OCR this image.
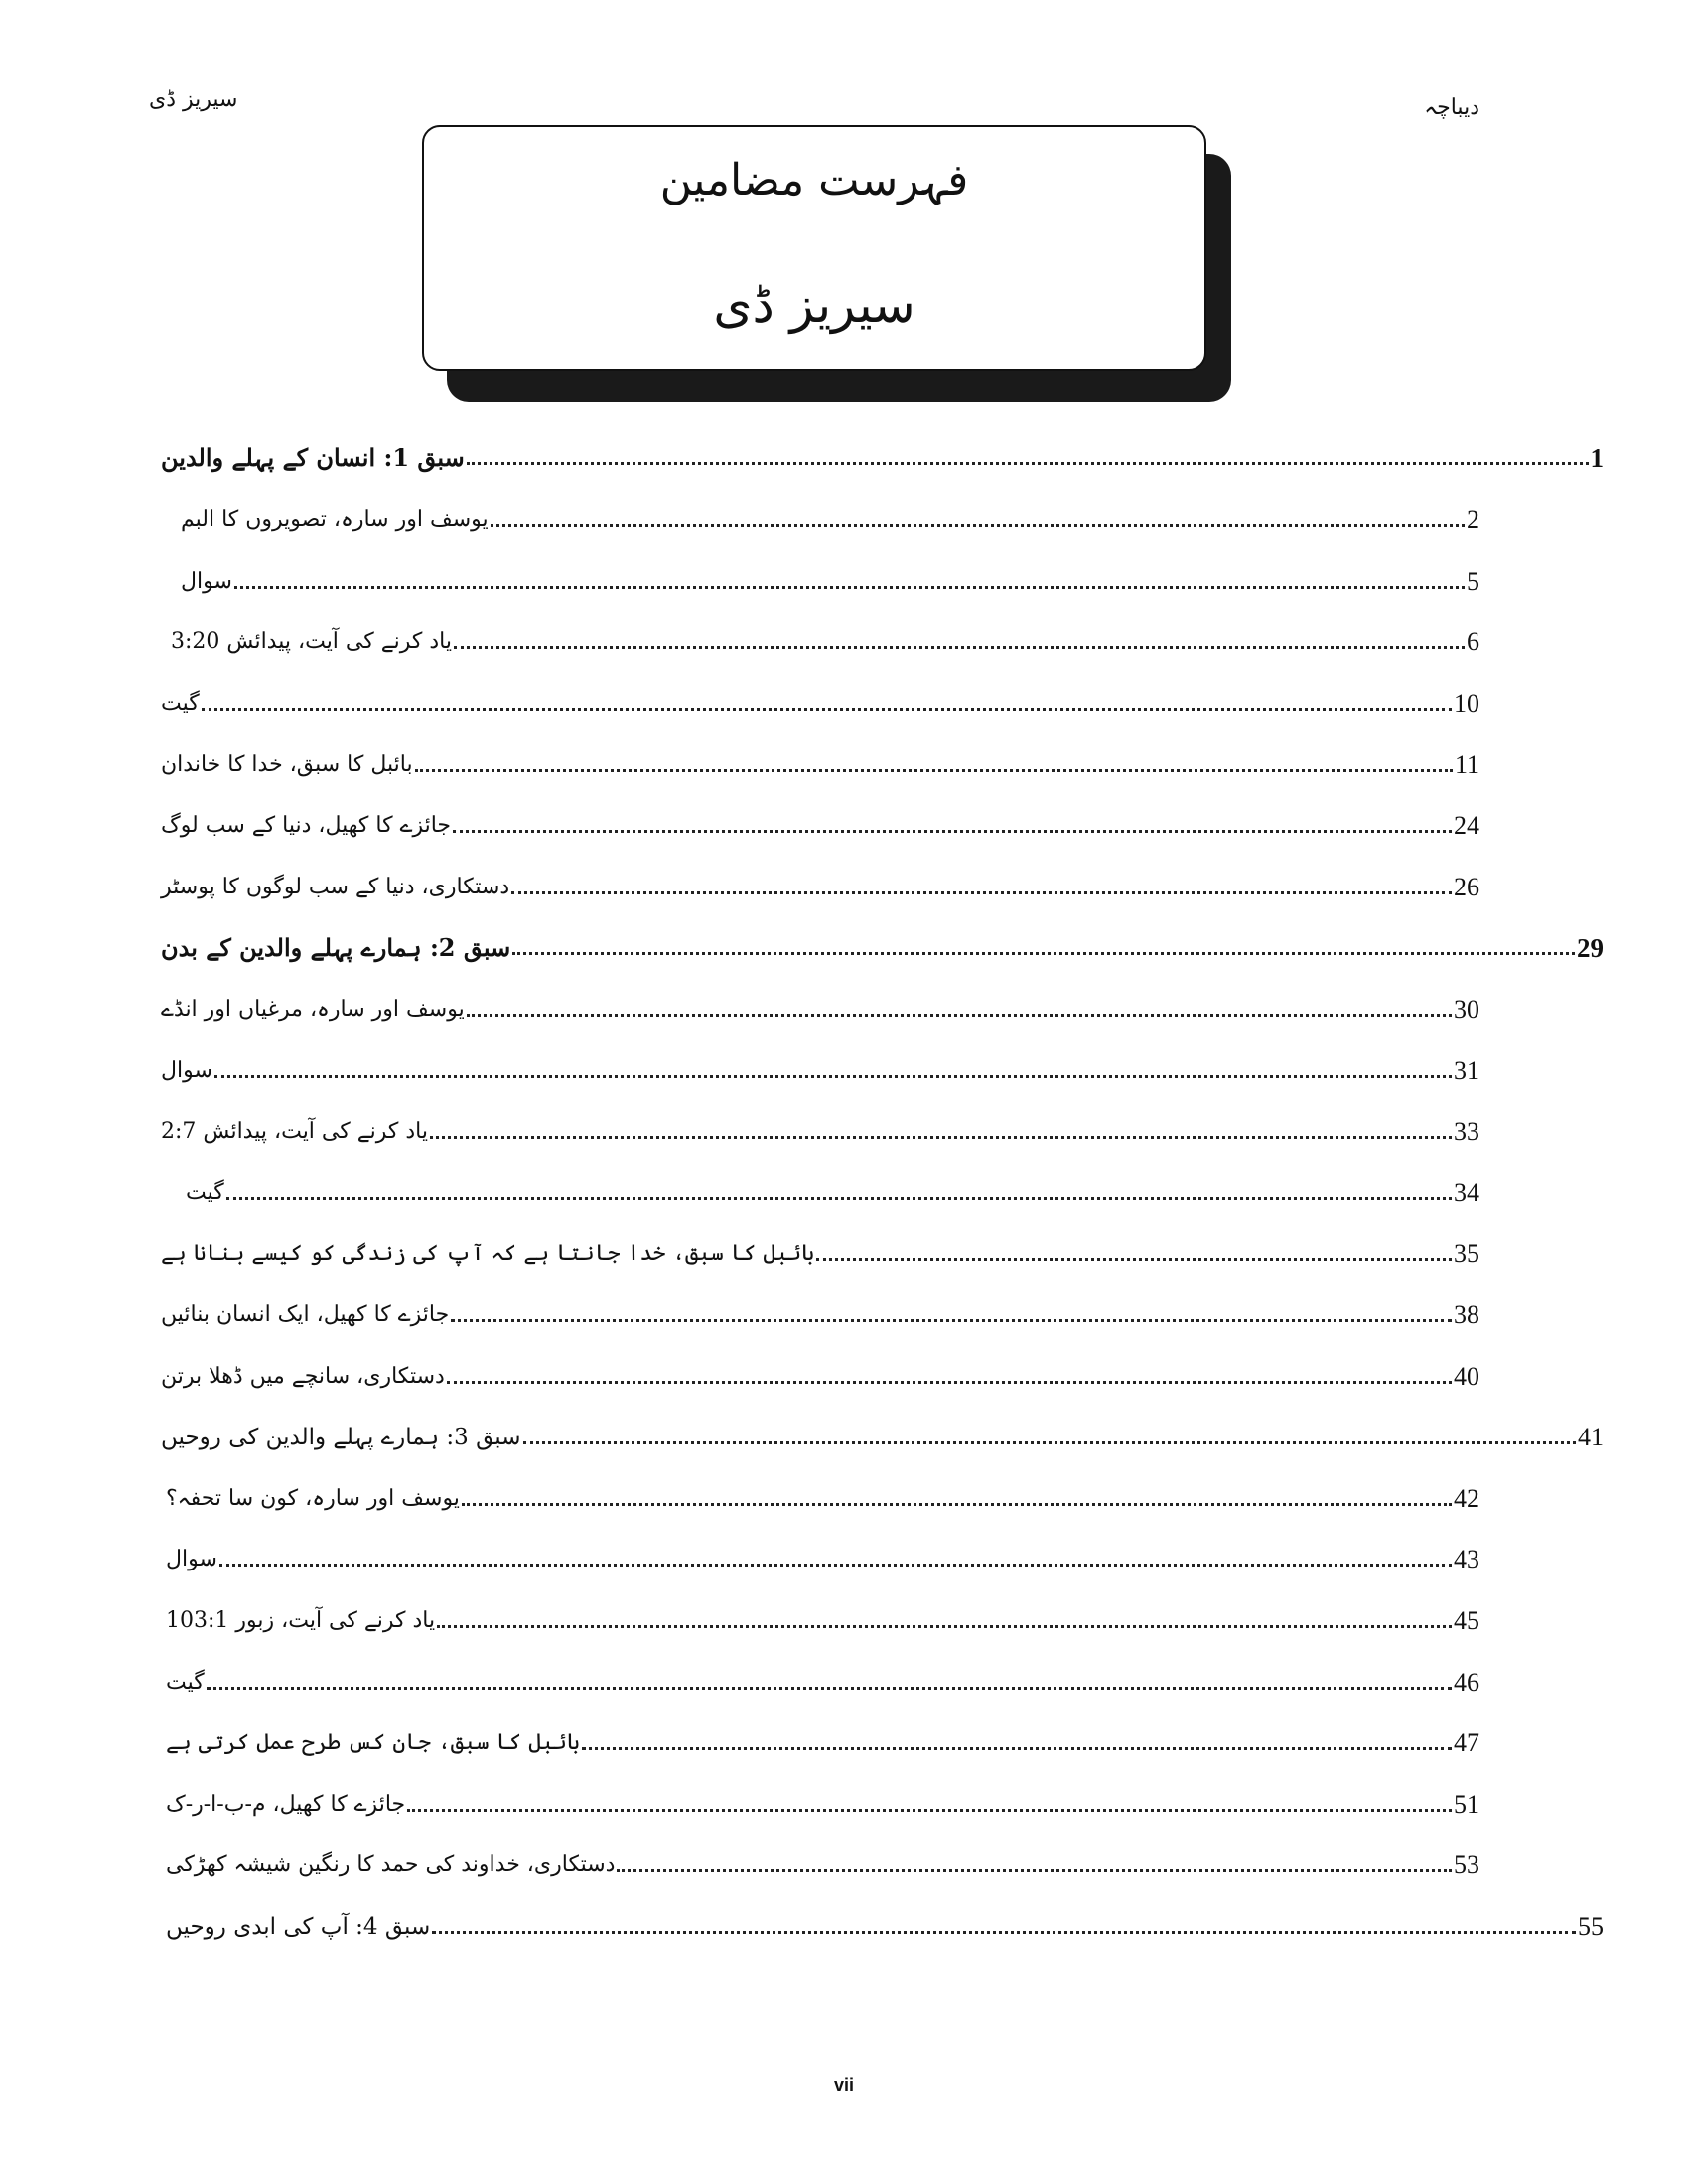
سیریز ڈی	دیباچہ
فہرست مضامین
سیریز ڈی
سبق 1: انسان کے پہلے والدین	1
یوسف اور سارہ، تصویروں کا البم	2
سوال	5
یاد کرنے کی آیت، پیدائش 3:20	6
گیت	10
بائبل کا سبق، خدا کا خاندان	11
جائزے کا کھیل، دنیا کے سب لوگ	24
دستکاری، دنیا کے سب لوگوں کا پوسٹر	26
سبق 2: ہمارے پہلے والدین کے بدن	29
یوسف اور سارہ، مرغیاں اور انڈے	30
سوال	31
یاد کرنے کی آیت، پیدائش 2:7	33
گیت	34
بائبل کا سبق، خدا جانتا ہے کہ آپ کی زندگی کو کیسے بنانا ہے	35
جائزے کا کھیل، ایک انسان بنائیں	38
دستکاری، سانچے میں ڈھلا برتن	40
سبق 3: ہمارے پہلے والدین کی روحیں	41
یوسف اور سارہ، کون سا تحفہ؟	42
سوال	43
یاد کرنے کی آیت، زبور 103:1	45
گیت	46
بائبل کا سبق، جان کس طرح عمل کرتی ہے	47
جائزے کا کھیل، م-ب-ا-ر-ک	51
دستکاری، خداوند کی حمد کا رنگین شیشہ کھڑکی	53
سبق 4: آپ کی ابدی روحیں	55
vii
